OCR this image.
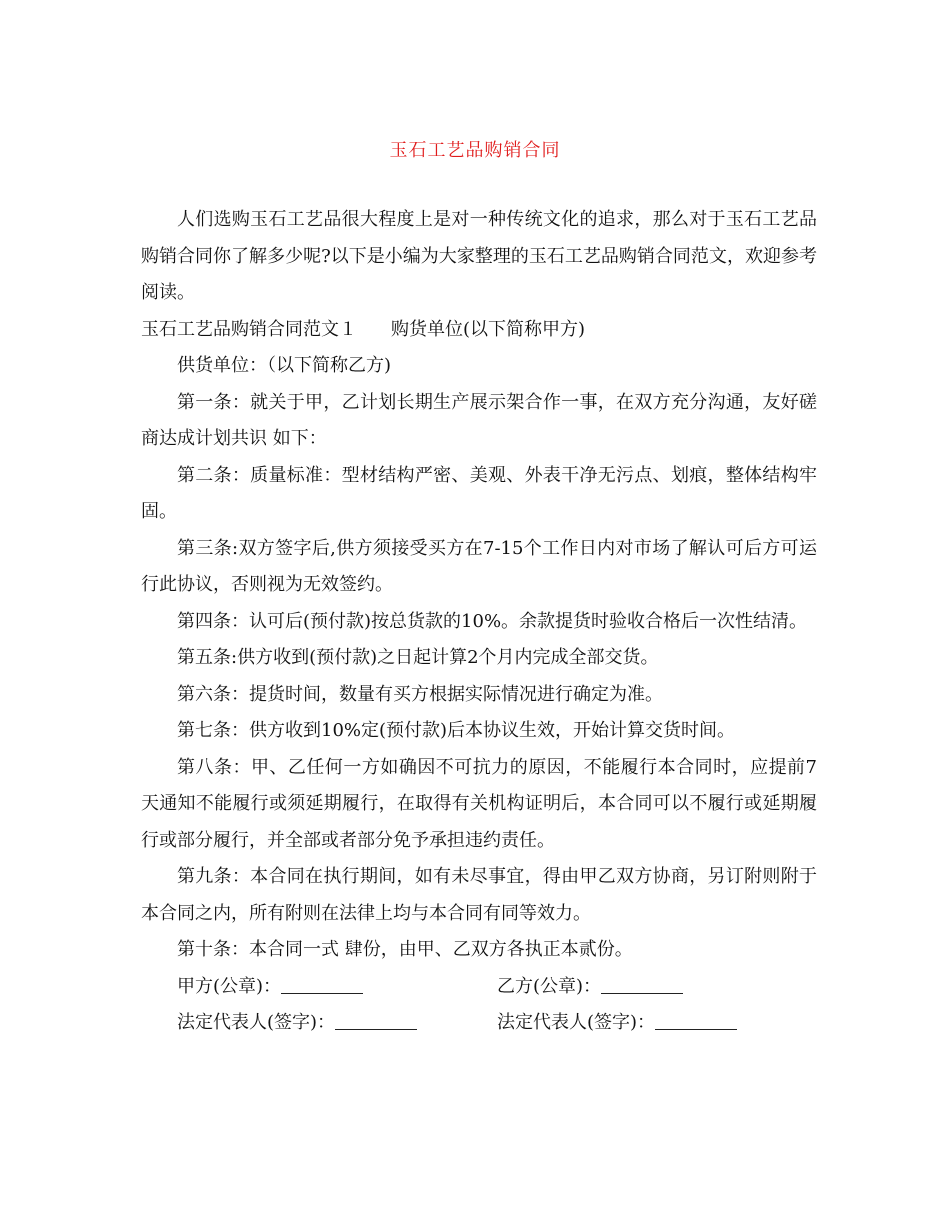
玉石工艺品购销合同

人们选购玉石工艺品很大程度上是对一种传统文化的追求，那么对于玉石工艺品购销合同你了解多少呢?以下是小编为大家整理的玉石工艺品购销合同范文，欢迎参考阅读。

玉石工艺品购销合同范文１ 购货单位(以下简称甲方)

供货单位：（以下简称乙方)

第一条：就关于甲，乙计划长期生产展示架合作一事，在双方充分沟通，友好磋商达成计划共识 如下：

第二条：质量标准：型材结构严密、美观、外表干净无污点、划痕，整体结构牢固。

第三条:双方签字后,供方须接受买方在7-15个工作日内对市场了解认可后方可运行此协议，否则视为无效签约。

第四条：认可后(预付款)按总货款的10%。余款提货时验收合格后一次性结清。

第五条:供方收到(预付款)之日起计算2个月内完成全部交货。

第六条：提货时间，数量有买方根据实际情况进行确定为准。

第七条：供方收到10%定(预付款)后本协议生效，开始计算交货时间。

第八条：甲、乙任何一方如确因不可抗力的原因，不能履行本合同时，应提前7天通知不能履行或须延期履行，在取得有关机构证明后，本合同可以不履行或延期履行或部分履行，并全部或者部分免予承担违约责任。

第九条：本合同在执行期间，如有未尽事宜，得由甲乙双方协商，另订附则附于本合同之内，所有附则在法律上均与本合同有同等效力。

第十条：本合同一式 肆份，由甲、乙双方各执正本贰份。

甲方(公章)：	乙方(公章)：
法定代表人(签字)：	法定代表人(签字)：
